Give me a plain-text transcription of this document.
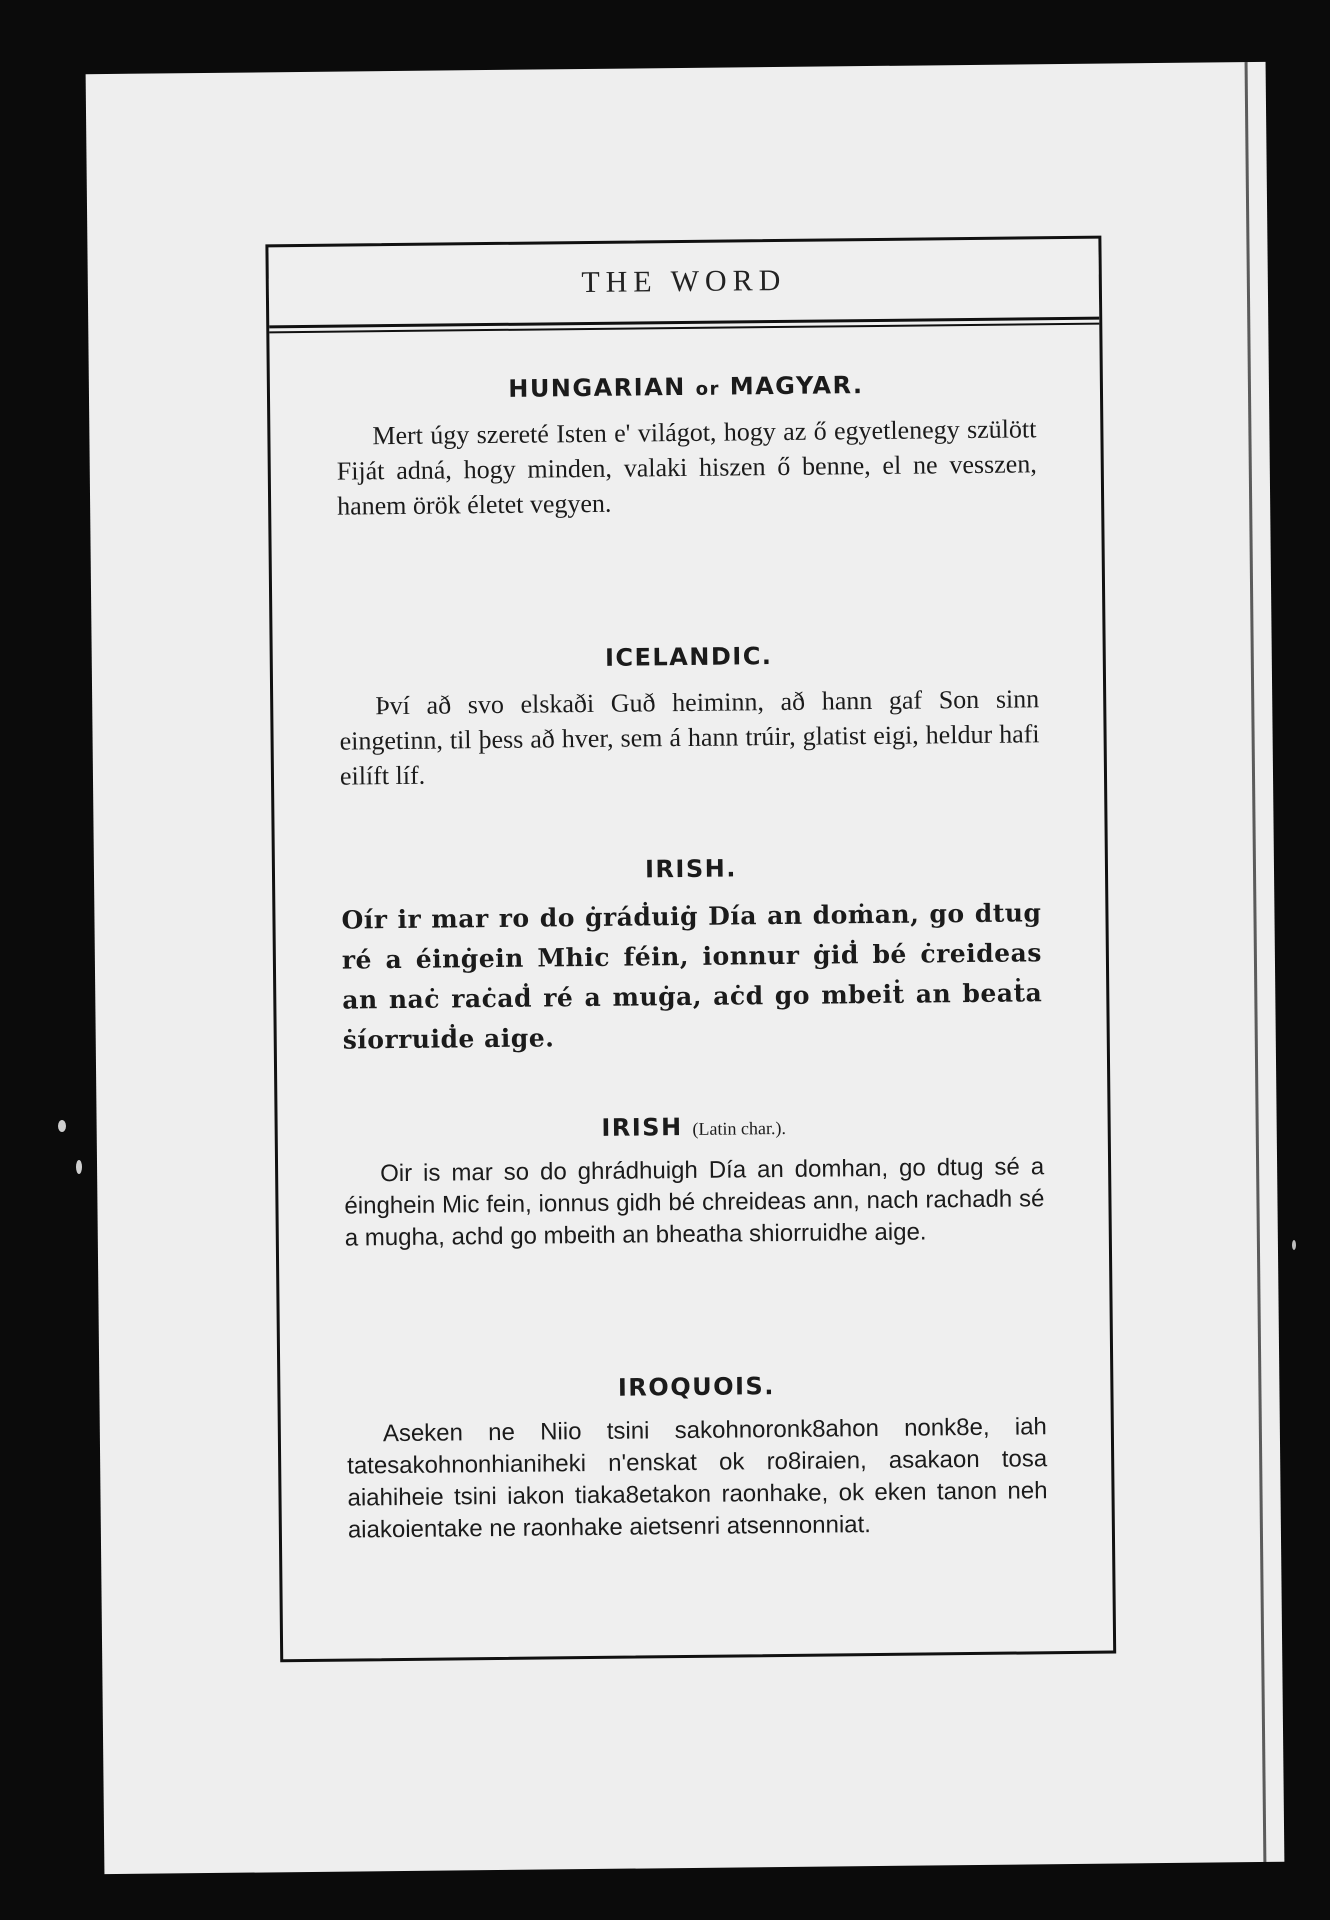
THE WORD
HUNGARIAN or MAGYAR.
Mert úgy szereté Isten e' világot, hogy az ő egyetlenegy szülött Fiját adná, hogy minden, valaki hiszen ő benne, el ne vesszen, hanem örök életet vegyen.
ICELANDIC.
Því að svo elskaði Guð heiminn, að hann gaf Son sinn eingetinn, til þess að hver, sem á hann trúir, glatist eigi, heldur hafi eilíft líf.
IRISH.
Oír ir mar ro do ġráḋuiġ Día an doṁan, go dtug ré a éinġein Mhic féin, ionnur ġiḋ bé ċreideas an naċ raċaḋ ré a muġa, aċd go mbeiṫ an beaṫa ṡíorruiḋe aige.
IRISH (Latin char.).
Oir is mar so do ghrádhuigh Día an domhan, go dtug sé a éinghein Mic fein, ionnus gidh bé chreideas ann, nach rachadh sé a mugha, achd go mbeith an bheatha shiorruidhe aige.
IROQUOIS.
Aseken ne Niio tsini sakohnoronk8ahon nonk8e, iah tatesakohnonhianiheki n'enskat ok ro8iraien, asakaon tosa aiahiheie tsini iakon tiaka8etakon raonhake, ok eken tanon neh aiakoientake ne raonhake aietsenri atsennonniat.
